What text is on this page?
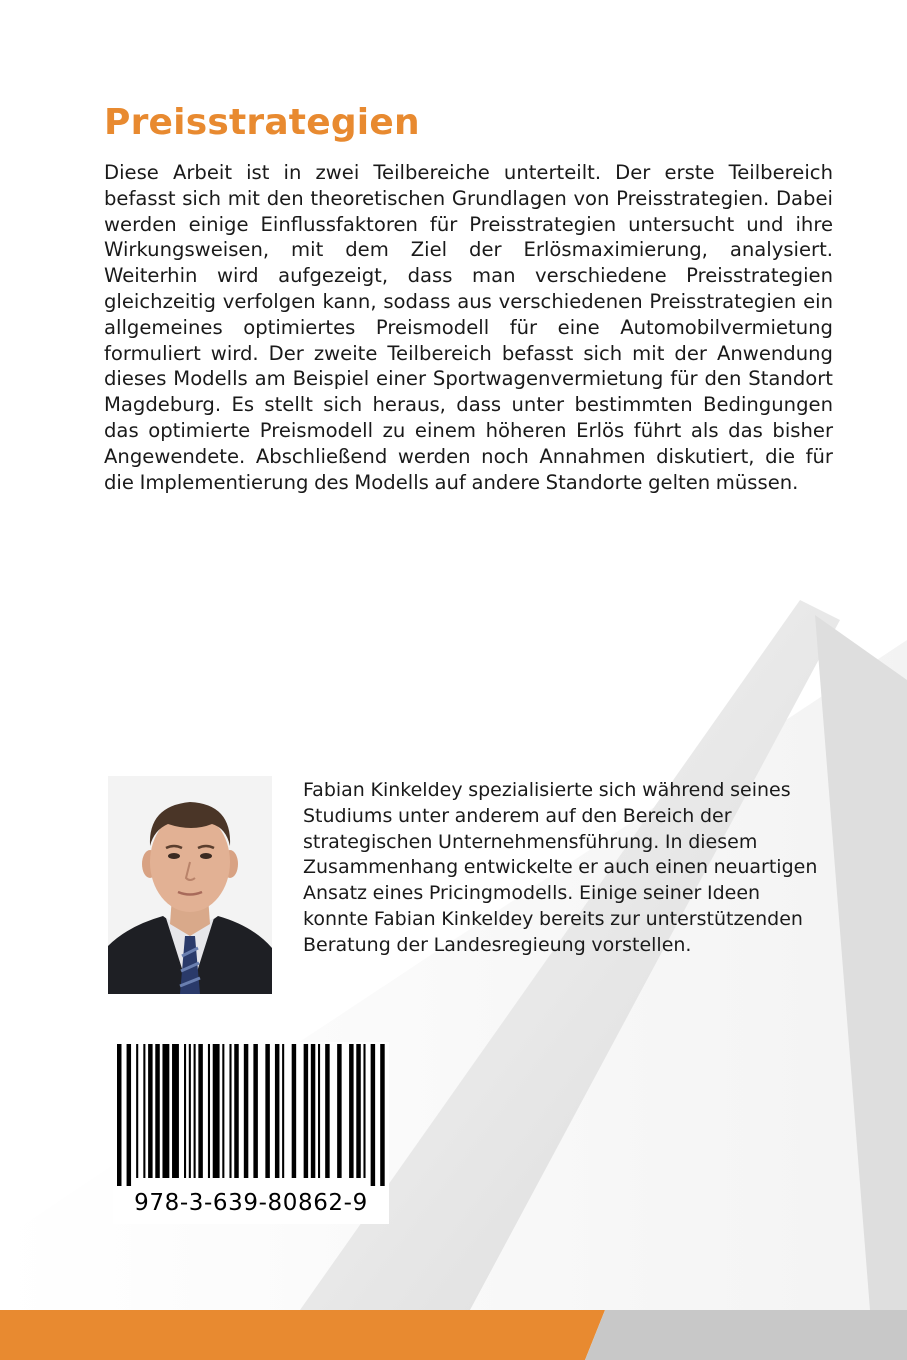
Preisstrategien

Diese Arbeit ist in zwei Teilbereiche unterteilt. Der erste Teilbereich befasst sich mit den theoretischen Grundlagen von Preisstrategien. Dabei werden einige Einflussfaktoren für Preisstrategien untersucht und ihre Wirkungsweisen, mit dem Ziel der Erlösmaximierung, analysiert. Weiterhin wird aufgezeigt, dass man verschiedene Preisstrategien gleichzeitig verfolgen kann, sodass aus verschiedenen Preisstrategien ein allgemeines optimiertes Preismodell für eine Automobilvermietung formuliert wird. Der zweite Teilbereich befasst sich mit der Anwendung dieses Modells am Beispiel einer Sportwagenvermietung für den Standort Magdeburg. Es stellt sich heraus, dass unter bestimmten Bedingungen das optimierte Preismodell zu einem höheren Erlös führt als das bisher Angewendete. Abschließend werden noch Annahmen diskutiert, die für die Implementierung des Modells auf andere Standorte gelten müssen.

Fabian Kinkeldey spezialisierte sich während seines Studiums unter anderem auf den Bereich der strategischen Unternehmensführung. In diesem Zusammenhang entwickelte er auch einen neuartigen Ansatz eines Pricingmodells. Einige seiner Ideen konnte Fabian Kinkeldey bereits zur unterstützenden Beratung der Landesregieung vorstellen.

978-3-639-80862-9
